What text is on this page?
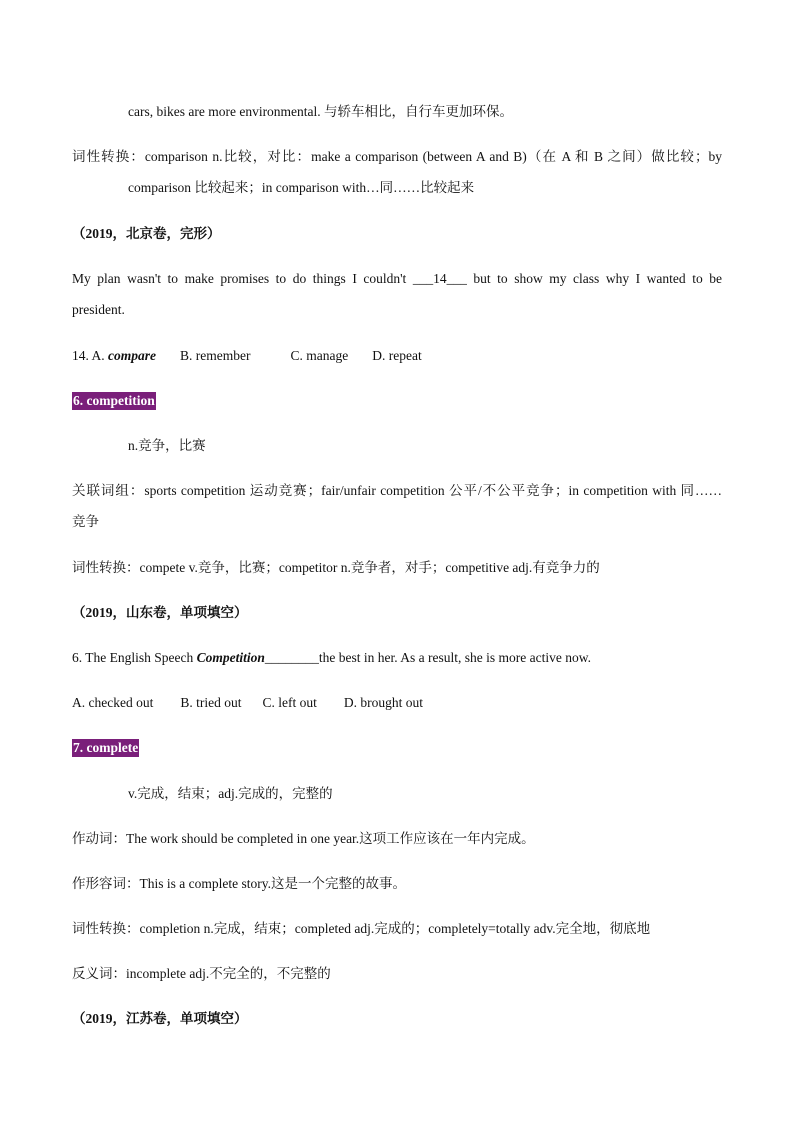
cars, bikes are more environmental. 与轿车相比，自行车更加环保。
词性转换：comparison n.比较，对比：make a comparison (between A and B)（在 A 和 B 之间）做比较；by
comparison 比较起来；in comparison with…同……比较起来
（2019，北京卷，完形）
My plan wasn't to make promises to do things I couldn't ___14___ but to show my class why I wanted to be
president.
14. A. compare B. remember	C. manage D. repeat
6. competition
n.竞争，比赛
关联词组：sports competition 运动竞赛；fair/unfair competition 公平/不公平竞争；in competition with 同……
竞争
词性转换：compete v.竞争，比赛；competitor n.竞争者，对手；competitive adj.有竞争力的
（2019，山东卷，单项填空）
6. The English Speech Competition________the best in her. As a result, she is more active now.
A. checked out B. tried out C. left out D. brought out
7. complete
v.完成，结束；adj.完成的，完整的
作动词：The work should be completed in one year.这项工作应该在一年内完成。
作形容词：This is a complete story.这是一个完整的故事。
词性转换：completion n.完成，结束；completed adj.完成的；completely=totally adv.完全地，彻底地
反义词：incomplete adj.不完全的，不完整的
（2019，江苏卷，单项填空）
